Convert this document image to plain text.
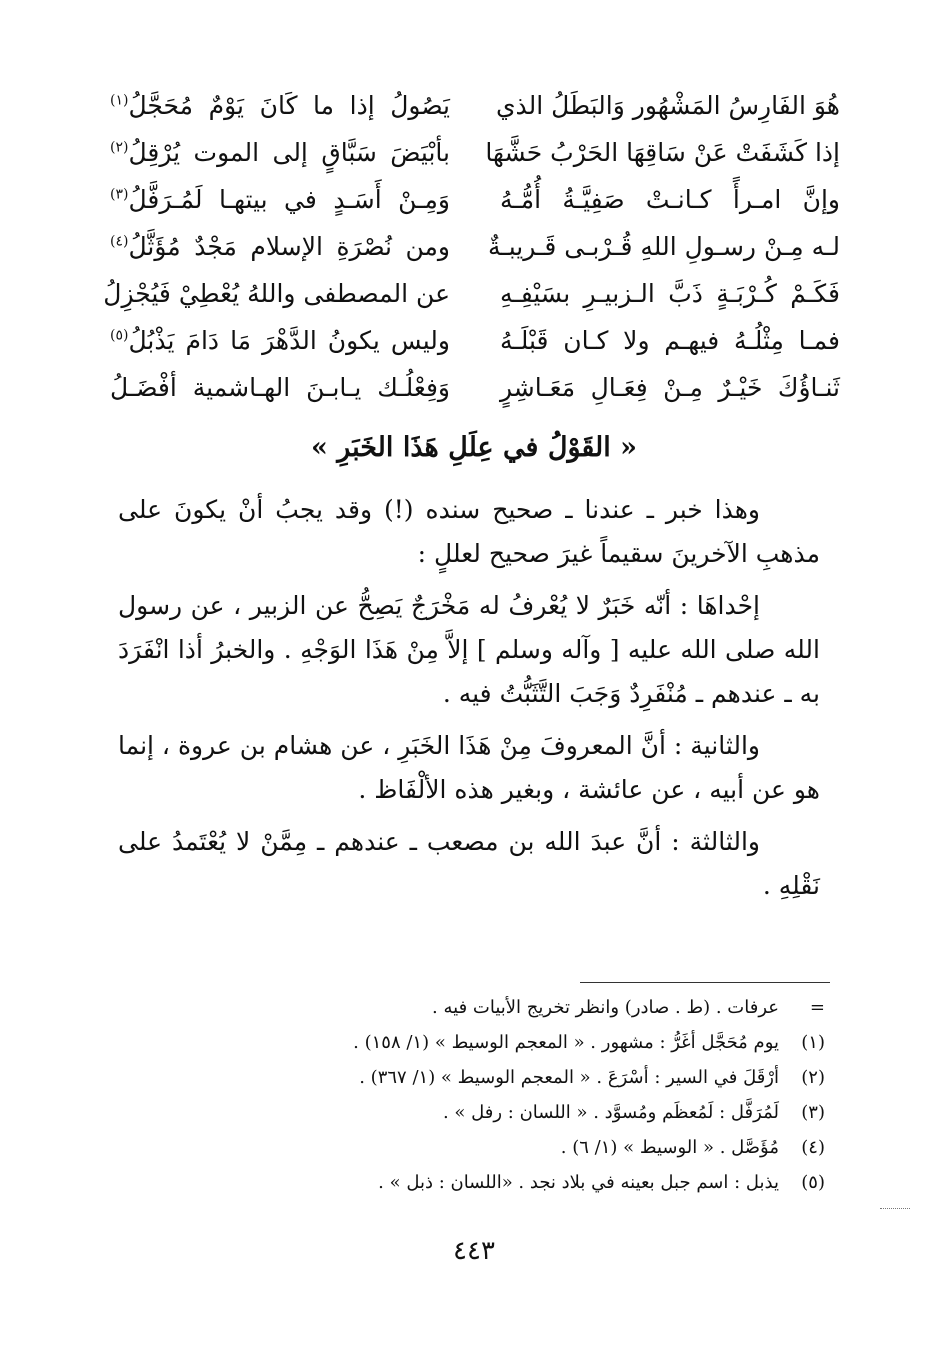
هُوَ الفَارِسُ المَشْهُور وَالبَطَلُ الذي
يَصُولُ إذا ما كَانَ يَوْمٌ مُحَجَّلُ$^{(١)}$
إذا كَشَفَتْ عَنْ سَاقِهَا الحَرْبُ حَشَّهَا
بأبْيَضَ سَبَّاقٍ إلى الموت يُرْقِلُ$^{(٢)}$
وإنَّ امـرأً كـانـتْ صَفِيَّـةُ أُمُّـهُ
وَمِـنْ أَسَـدٍ في بيتهـا لَمُـرَفَّلُ$^{(٣)}$
لـه مِـنْ رسـولِ اللهِ قُـرْبـى قَـريبـةٌ
ومن نُصْرَةِ الإسلام مَجْدٌ مُؤَثَّلُ$^{(٤)}$
فَكَـمْ كُـرْبَـةٍ ذَبَّ الـزبيـرِ بسَيْفِـهِ
عن المصطفى واللهُ يُعْطِيْ فَيُجْزِلُ
فمـا مِثْلُـهُ فيهـم ولا كـان قَبْلَـهُ
وليس يكونُ الدَّهْرَ مَا دَامَ يَذْبُلُ$^{(٥)}$
ثَنـاؤُكَ خَيْـرٌ مِـنْ فِعَـالِ مَعَـاشِرٍ
وَفِعْلُـك يـابـنَ الهـاشمية أفْضَـلُ
« القَوْلُ في عِلَلِ هَذَا الخَبَرِ »

وهذا خبر ـ عندنا ـ صحيح سنده (!) وقد يجبُ أنْ يكونَ على مذهبِ الآخرينَ سقيماً غيرَ صحيح لعللٍ :

إحْداهَا : أنّه خَبَرٌ لا يُعْرفُ له مَخْرَجٌ يَصِحُّ عن الزبير ، عن رسول الله صلى الله عليه [ وآله وسلم ] إلاَّ مِنْ هَذَا الوَجْهِ . والخبرُ أذا انْفَرَدَ به ـ عندهم ـ مُنْفَرِدٌ وَجَبَ التَّثَبُّتُ فيه .

والثانية : أنَّ المعروفَ مِنْ هَذَا الخَبَرِ ، عن هشام بن عروة ، إنما هو عن أبيه ، عن عائشة ، وبغير هذه الألْفَاظ .

والثالثة : أنَّ عبدَ الله بن مصعب ـ عندهم ـ مِمَّنْ لا يُعْتَمدُ على نَقْلِهِ .

=
عرفات . (ط . صادر) وانظر تخريج الأبيات فيه .
(١)
يوم مُحَجَّل أغَرُّ : مشهور . « المعجم الوسيط » (١/ ١٥٨) .
(٢)
أرْقَلَ في السير : أسْرَعَ . « المعجم الوسيط » (١/ ٣٦٧) .
(٣)
لَمُرَفَّل : لَمُعظَم ومُسوَّد . « اللسان : رفل » .
(٤)
مُؤَصَّل . « الوسيط » (١/ ٦) .
(٥)
يذبل : اسم جبل بعينه في بلاد نجد . «اللسان : ذبل » .
٤٤٣
